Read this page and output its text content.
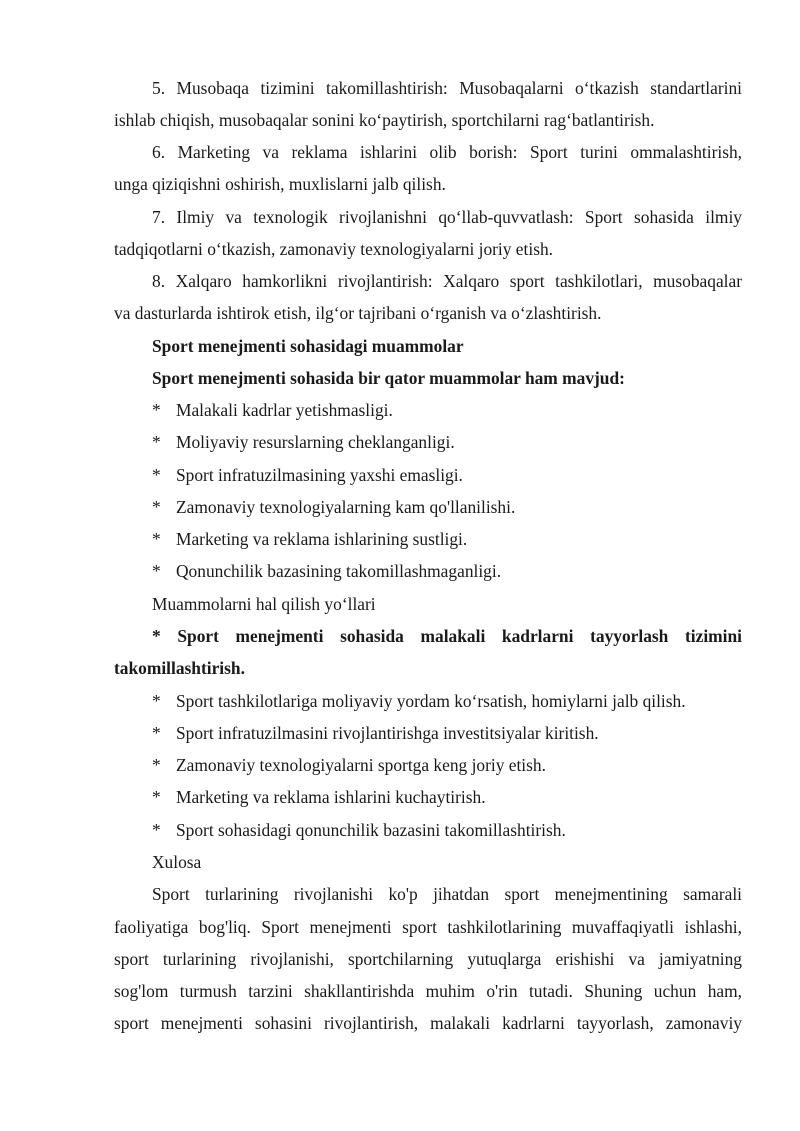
5. Musobaqa tizimini takomillashtirish: Musobaqalarni o‘tkazish standartlarini
ishlab chiqish, musobaqalar sonini ko‘paytirish, sportchilarni rag‘batlantirish.
6. Marketing va reklama ishlarini olib borish: Sport turini ommalashtirish,
unga qiziqishni oshirish, muxlislarni jalb qilish.
7. Ilmiy va texnologik rivojlanishni qo‘llab-quvvatlash: Sport sohasida ilmiy
tadqiqotlarni o‘tkazish, zamonaviy texnologiyalarni joriy etish.
8. Xalqaro hamkorlikni rivojlantirish: Xalqaro sport tashkilotlari, musobaqalar
va dasturlarda ishtirok etish, ilg‘or tajribani o‘rganish va o‘zlashtirish.
Sport menejmenti sohasidagi muammolar
Sport menejmenti sohasida bir qator muammolar ham mavjud:
* Malakali kadrlar yetishmasligi.
* Moliyaviy resurslarning cheklanganligi.
* Sport infratuzilmasining yaxshi emasligi.
* Zamonaviy texnologiyalarning kam qo'llanilishi.
* Marketing va reklama ishlarining sustligi.
* Qonunchilik bazasining takomillashmaganligi.
Muammolarni hal qilish yo‘llari
* Sport menejmenti sohasida malakali kadrlarni tayyorlash tizimini
takomillashtirish.
* Sport tashkilotlariga moliyaviy yordam ko‘rsatish, homiylarni jalb qilish.
* Sport infratuzilmasini rivojlantirishga investitsiyalar kiritish.
* Zamonaviy texnologiyalarni sportga keng joriy etish.
* Marketing va reklama ishlarini kuchaytirish.
* Sport sohasidagi qonunchilik bazasini takomillashtirish.
Xulosa
Sport turlarining rivojlanishi ko'p jihatdan sport menejmentining samarali
faoliyatiga bog'liq. Sport menejmenti sport tashkilotlarining muvaffaqiyatli ishlashi,
sport turlarining rivojlanishi, sportchilarning yutuqlarga erishishi va jamiyatning
sog'lom turmush tarzini shakllantirishda muhim o'rin tutadi. Shuning uchun ham,
sport menejmenti sohasini rivojlantirish, malakali kadrlarni tayyorlash, zamonaviy
